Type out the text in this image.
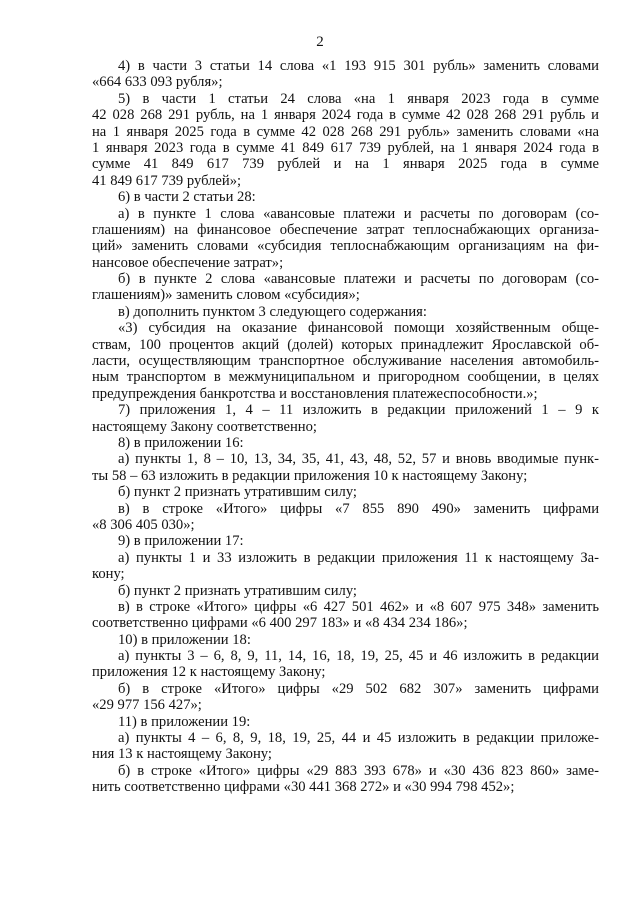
2
4) в части 3 статьи 14 слова «1 193 915 301 рубль» заменить словами
«664 633 093 рубля»;
5) в части 1 статьи 24 слова «на 1 января 2023 года в сумме
42 028 268 291 рубль, на 1 января 2024 года в сумме 42 028 268 291 рубль и
на 1 января 2025 года в сумме 42 028 268 291 рубль» заменить словами «на
1 января 2023 года в сумме 41 849 617 739 рублей, на 1 января 2024 года в
сумме 41 849 617 739 рублей и на 1 января 2025 года в сумме
41 849 617 739 рублей»;
6) в части 2 статьи 28:
а) в пункте 1 слова «авансовые платежи и расчеты по договорам (со-
глашениям) на финансовое обеспечение затрат теплоснабжающих организа-
ций» заменить словами «субсидия теплоснабжающим организациям на фи-
нансовое обеспечение затрат»;
б) в пункте 2 слова «авансовые платежи и расчеты по договорам (со-
глашениям)» заменить словом «субсидия»;
в) дополнить пунктом 3 следующего содержания:
«3) субсидия на оказание финансовой помощи хозяйственным обще-
ствам, 100 процентов акций (долей) которых принадлежит Ярославской об-
ласти, осуществляющим транспортное обслуживание населения автомобиль-
ным транспортом в межмуниципальном и пригородном сообщении, в целях
предупреждения банкротства и восстановления платежеспособности.»;
7) приложения 1, 4 – 11 изложить в редакции приложений 1 – 9 к
настоящему Закону соответственно;
8) в приложении 16:
а) пункты 1, 8 – 10, 13, 34, 35, 41, 43, 48, 52, 57 и вновь вводимые пунк-
ты 58 – 63 изложить в редакции приложения 10 к настоящему Закону;
б) пункт 2 признать утратившим силу;
в) в строке «Итого» цифры «7 855 890 490» заменить цифрами
«8 306 405 030»;
9) в приложении 17:
а) пункты 1 и 33 изложить в редакции приложения 11 к настоящему За-
кону;
б) пункт 2 признать утратившим силу;
в) в строке «Итого» цифры «6 427 501 462» и «8 607 975 348» заменить
соответственно цифрами «6 400 297 183» и «8 434 234 186»;
10) в приложении 18:
а) пункты 3 – 6, 8, 9, 11, 14, 16, 18, 19, 25, 45 и 46 изложить в редакции
приложения 12 к настоящему Закону;
б) в строке «Итого» цифры «29 502 682 307» заменить цифрами
«29 977 156 427»;
11) в приложении 19:
а) пункты 4 – 6, 8, 9, 18, 19, 25, 44 и 45 изложить в редакции приложе-
ния 13 к настоящему Закону;
б) в строке «Итого» цифры «29 883 393 678» и «30 436 823 860» заме-
нить соответственно цифрами «30 441 368 272» и «30 994 798 452»;
